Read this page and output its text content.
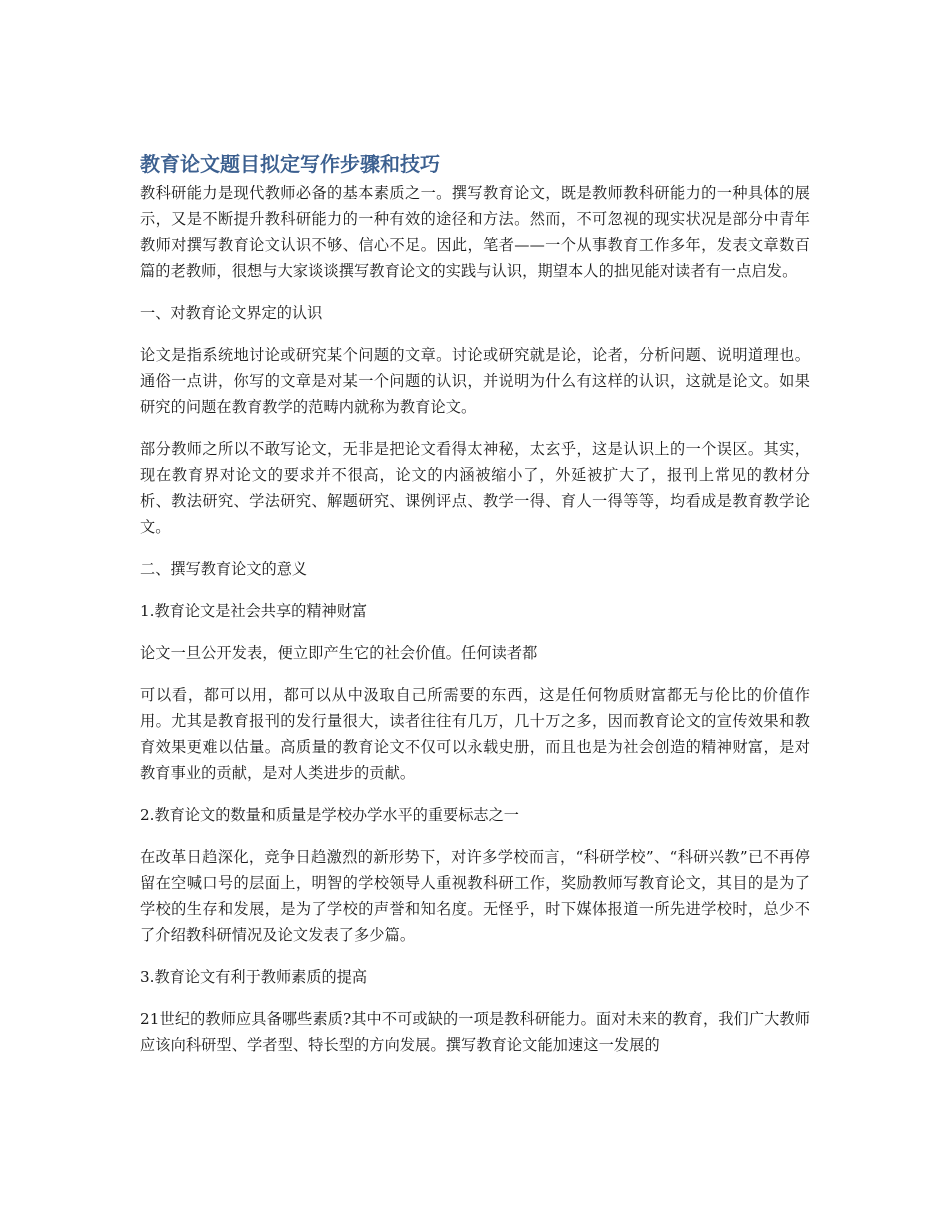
教育论文题目拟定写作步骤和技巧

教科研能力是现代教师必备的基本素质之一。撰写教育论文，既是教师教科研能力的一种具体的展示，又是不断提升教科研能力的一种有效的途径和方法。然而，不可忽视的现实状况是部分中青年教师对撰写教育论文认识不够、信心不足。因此，笔者——一个从事教育工作多年，发表文章数百篇的老教师，很想与大家谈谈撰写教育论文的实践与认识，期望本人的拙见能对读者有一点启发。

一、对教育论文界定的认识

论文是指系统地讨论或研究某个问题的文章。讨论或研究就是论，论者，分析问题、说明道理也。通俗一点讲，你写的文章是对某一个问题的认识，并说明为什么有这样的认识，这就是论文。如果研究的问题在教育教学的范畴内就称为教育论文。

部分教师之所以不敢写论文，无非是把论文看得太神秘，太玄乎，这是认识上的一个误区。其实，现在教育界对论文的要求并不很高，论文的内涵被缩小了，外延被扩大了，报刊上常见的教材分析、教法研究、学法研究、解题研究、课例评点、教学一得、育人一得等等，均看成是教育教学论文。

二、撰写教育论文的意义

1.教育论文是社会共享的精神财富

论文一旦公开发表，便立即产生它的社会价值。任何读者都

可以看，都可以用，都可以从中汲取自己所需要的东西，这是任何物质财富都无与伦比的价值作用。尤其是教育报刊的发行量很大，读者往往有几万，几十万之多，因而教育论文的宣传效果和教育效果更难以估量。高质量的教育论文不仅可以永载史册，而且也是为社会创造的精神财富，是对教育事业的贡献，是对人类进步的贡献。

2.教育论文的数量和质量是学校办学水平的重要标志之一

在改革日趋深化，竞争日趋激烈的新形势下，对许多学校而言，“科研学校”、“科研兴教”已不再停留在空喊口号的层面上，明智的学校领导人重视教科研工作，奖励教师写教育论文，其目的是为了学校的生存和发展，是为了学校的声誉和知名度。无怪乎，时下媒体报道一所先进学校时，总少不了介绍教科研情况及论文发表了多少篇。

3.教育论文有利于教师素质的提高

21世纪的教师应具备哪些素质?其中不可或缺的一项是教科研能力。面对未来的教育，我们广大教师应该向科研型、学者型、特长型的方向发展。撰写教育论文能加速这一发展的
